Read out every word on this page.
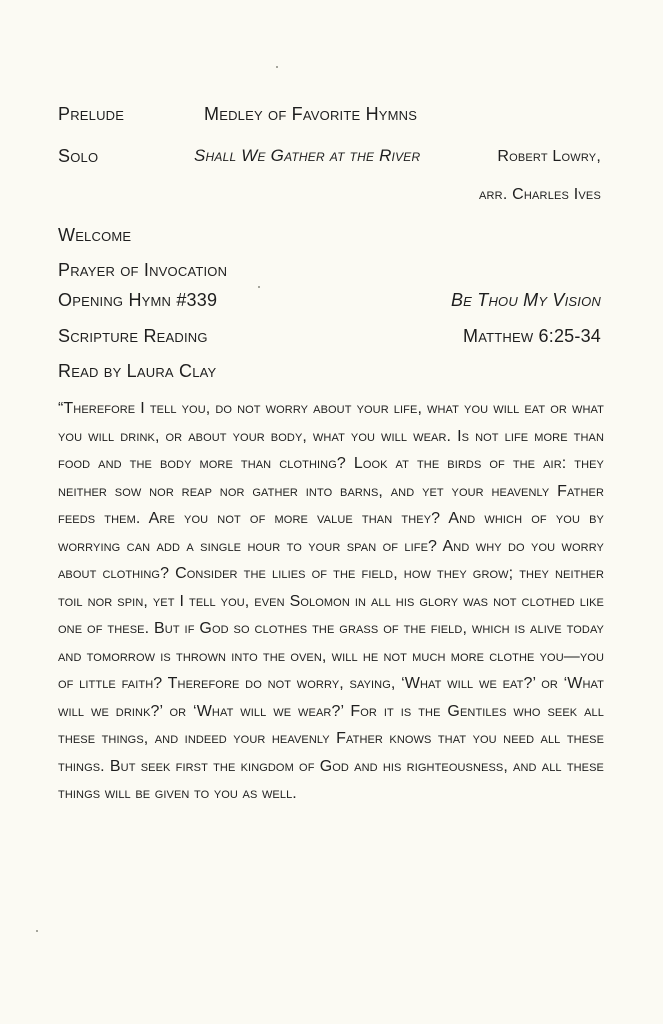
Prelude	Medley of Favorite Hymns
Solo	Shall We Gather at the River	Robert Lowry,
arr. Charles Ives
Welcome
Prayer of Invocation
Opening Hymn #339	Be Thou My Vision
Scripture Reading	Matthew 6:25-34
Read by Laura Clay
“Therefore I tell you, do not worry about your life, what you will eat or what you will drink, or about your body, what you will wear. Is not life more than food and the body more than clothing? Look at the birds of the air: they neither sow nor reap nor gather into barns, and yet your heavenly Father feeds them. Are you not of more value than they? And which of you by worrying can add a single hour to your span of life? And why do you worry about clothing? Consider the lilies of the field, how they grow; they neither toil nor spin, yet I tell you, even Solomon in all his glory was not clothed like one of these. But if God so clothes the grass of the field, which is alive today and tomorrow is thrown into the oven, will he not much more clothe you—you of little faith? Therefore do not worry, saying, ‘What will we eat?’ or ‘What will we drink?’ or ‘What will we wear?’ For it is the Gentiles who seek all these things, and indeed your heavenly Father knows that you need all these things. But seek first the kingdom of God and his righteousness, and all these things will be given to you as well.
